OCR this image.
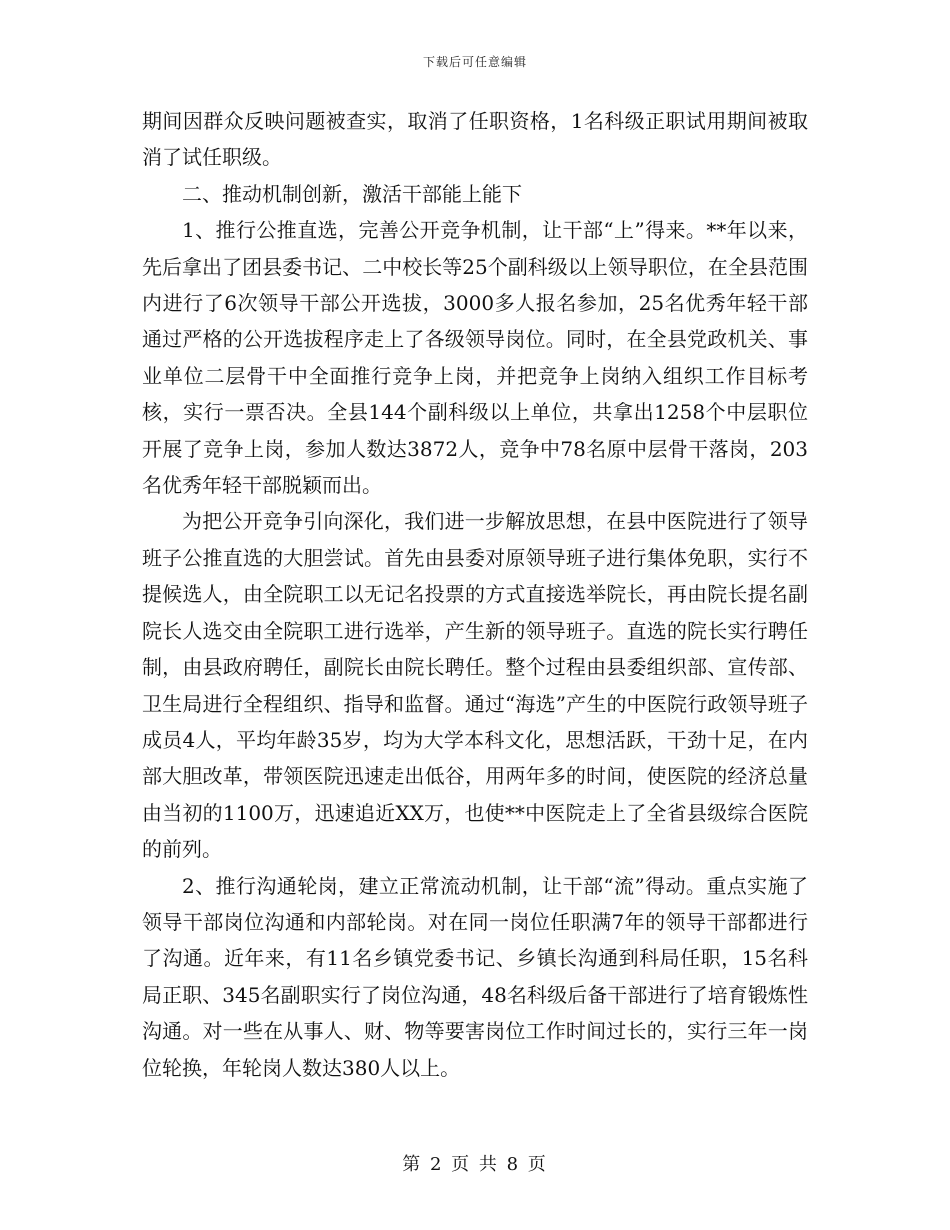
下载后可任意编辑

期间因群众反映问题被查实，取消了任职资格，1名科级正职试用期间被取消了试任职级。

二、推动机制创新，激活干部能上能下

1、推行公推直选，完善公开竞争机制，让干部“上”得来。**年以来，先后拿出了团县委书记、二中校长等25个副科级以上领导职位，在全县范围内进行了6次领导干部公开选拔，3000多人报名参加，25名优秀年轻干部通过严格的公开选拔程序走上了各级领导岗位。同时，在全县党政机关、事业单位二层骨干中全面推行竞争上岗，并把竞争上岗纳入组织工作目标考核，实行一票否决。全县144个副科级以上单位，共拿出1258个中层职位开展了竞争上岗，参加人数达3872人，竞争中78名原中层骨干落岗，203名优秀年轻干部脱颖而出。

为把公开竞争引向深化，我们进一步解放思想，在县中医院进行了领导班子公推直选的大胆尝试。首先由县委对原领导班子进行集体免职，实行不提候选人，由全院职工以无记名投票的方式直接选举院长，再由院长提名副院长人选交由全院职工进行选举，产生新的领导班子。直选的院长实行聘任制，由县政府聘任，副院长由院长聘任。整个过程由县委组织部、宣传部、卫生局进行全程组织、指导和监督。通过“海选”产生的中医院行政领导班子成员4人，平均年龄35岁，均为大学本科文化，思想活跃，干劲十足，在内部大胆改革，带领医院迅速走出低谷，用两年多的时间，使医院的经济总量由当初的1100万，迅速追近XX万，也使**中医院走上了全省县级综合医院的前列。

2、推行沟通轮岗，建立正常流动机制，让干部“流”得动。重点实施了领导干部岗位沟通和内部轮岗。对在同一岗位任职满7年的领导干部都进行了沟通。近年来，有11名乡镇党委书记、乡镇长沟通到科局任职，15名科局正职、345名副职实行了岗位沟通，48名科级后备干部进行了培育锻炼性沟通。对一些在从事人、财、物等要害岗位工作时间过长的，实行三年一岗位轮换，年轮岗人数达380人以上。

第 2 页 共 8 页
